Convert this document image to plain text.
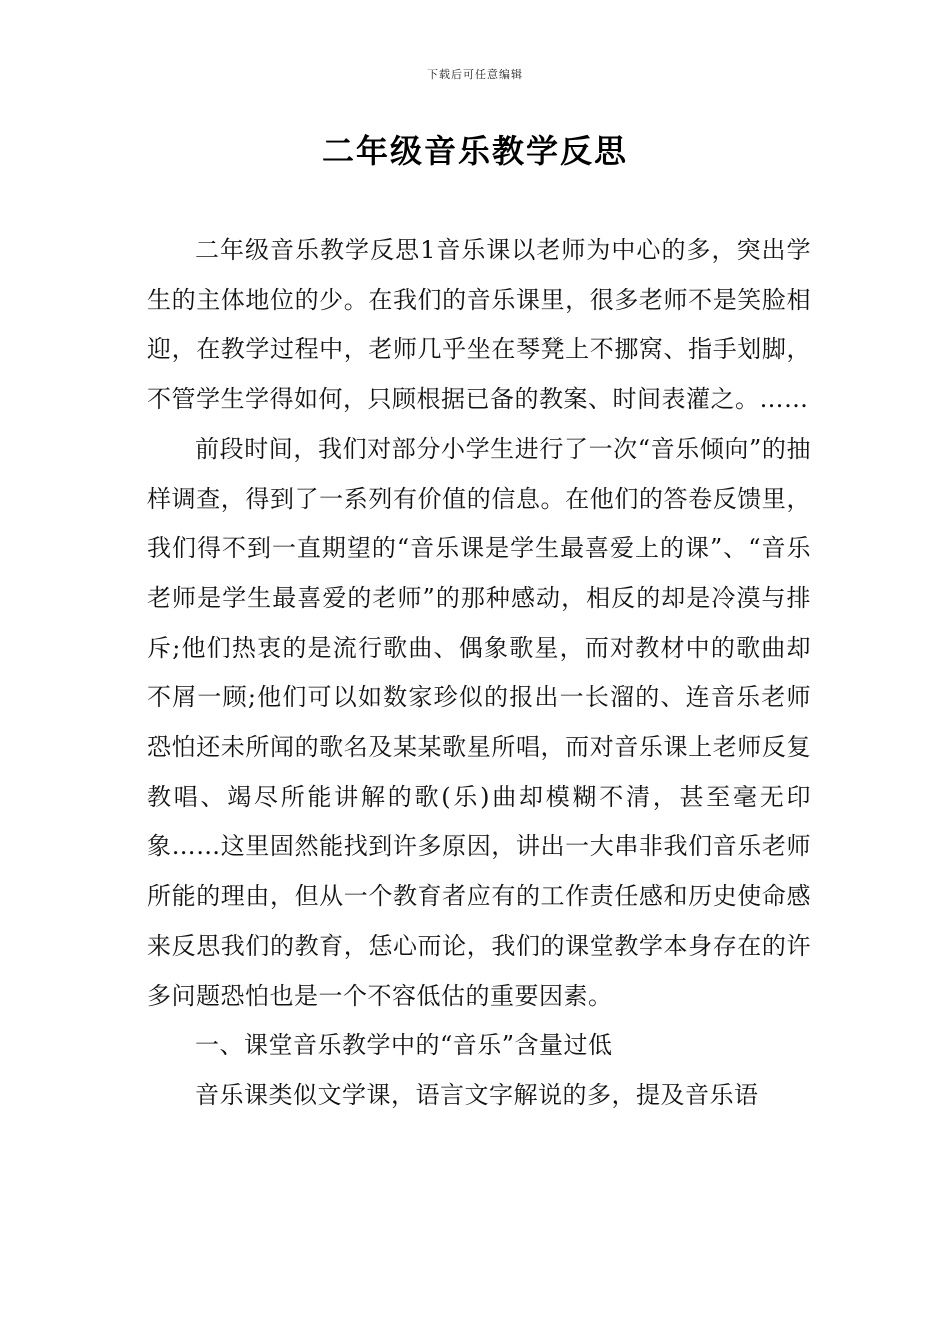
下载后可任意编辑
二年级音乐教学反思

二年级音乐教学反思1音乐课以老师为中心的多，突出学生的主体地位的少。在我们的音乐课里，很多老师不是笑脸相迎，在教学过程中，老师几乎坐在琴凳上不挪窝、指手划脚，不管学生学得如何，只顾根据已备的教案、时间表灌之。……

前段时间，我们对部分小学生进行了一次“音乐倾向”的抽样调查，得到了一系列有价值的信息。在他们的答卷反馈里，我们得不到一直期望的“音乐课是学生最喜爱上的课”、“音乐老师是学生最喜爱的老师”的那种感动，相反的却是冷漠与排斥;他们热衷的是流行歌曲、偶象歌星，而对教材中的歌曲却不屑一顾;他们可以如数家珍似的报出一长溜的、连音乐老师恐怕还未所闻的歌名及某某歌星所唱，而对音乐课上老师反复教唱、竭尽所能讲解的歌(乐)曲却模糊不清，甚至毫无印象……这里固然能找到许多原因，讲出一大串非我们音乐老师所能的理由，但从一个教育者应有的工作责任感和历史使命感来反思我们的教育，恁心而论，我们的课堂教学本身存在的许多问题恐怕也是一个不容低估的重要因素。

一、课堂音乐教学中的“音乐”含量过低

音乐课类似文学课，语言文字解说的多，提及音乐语
